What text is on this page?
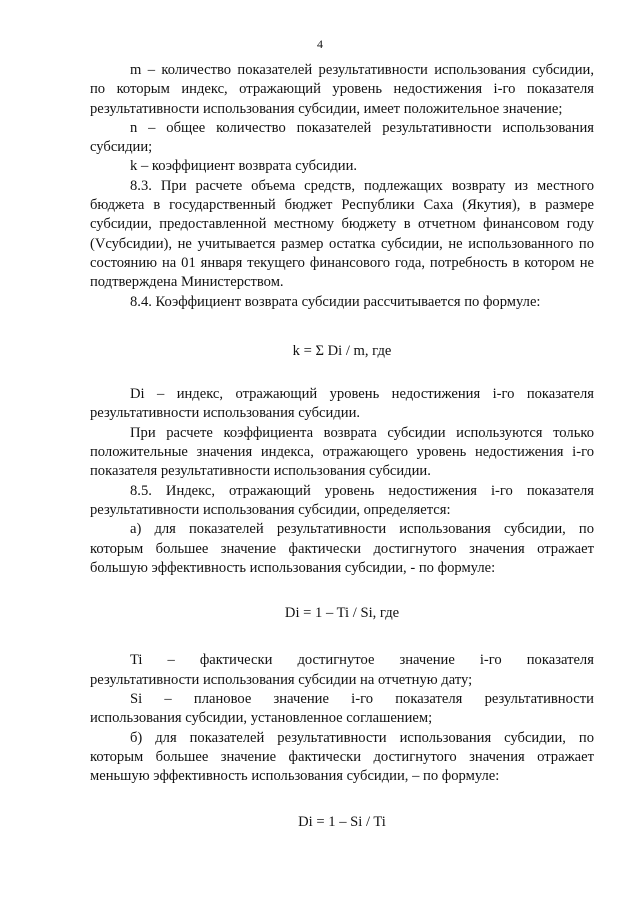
4

m – количество показателей результативности использования субсидии, по которым индекс, отражающий уровень недостижения i-го показателя результативности использования субсидии, имеет положительное значение;

n – общее количество показателей результативности использования субсидии;

k – коэффициент возврата субсидии.

8.3. При расчете объема средств, подлежащих возврату из местного бюджета в государственный бюджет Республики Саха (Якутия), в размере субсидии, предоставленной местному бюджету в отчетном финансовом году (Vсубсидии), не учитывается размер остатка субсидии, не использованного по состоянию на 01 января текущего финансового года, потребность в котором не подтверждена Министерством.

8.4. Коэффициент возврата субсидии рассчитывается по формуле:

k = Σ Di / m, где

Di – индекс, отражающий уровень недостижения i-го показателя результативности использования субсидии.

При расчете коэффициента возврата субсидии используются только положительные значения индекса, отражающего уровень недостижения i-го показателя результативности использования субсидии.

8.5. Индекс, отражающий уровень недостижения i-го показателя результативности использования субсидии, определяется:

а) для показателей результативности использования субсидии, по которым большее значение фактически достигнутого значения отражает большую эффективность использования субсидии, - по формуле:

Di = 1 – Ti / Si, где

Ti – фактически достигнутое значение i-го показателя
результативности использования субсидии на отчетную дату;
Si – плановое значение i-го показателя результативности
использования субсидии, установленное соглашением;

б) для показателей результативности использования субсидии, по которым большее значение фактически достигнутого значения отражает меньшую эффективность использования субсидии, – по формуле:

Di = 1 – Si / Ti
